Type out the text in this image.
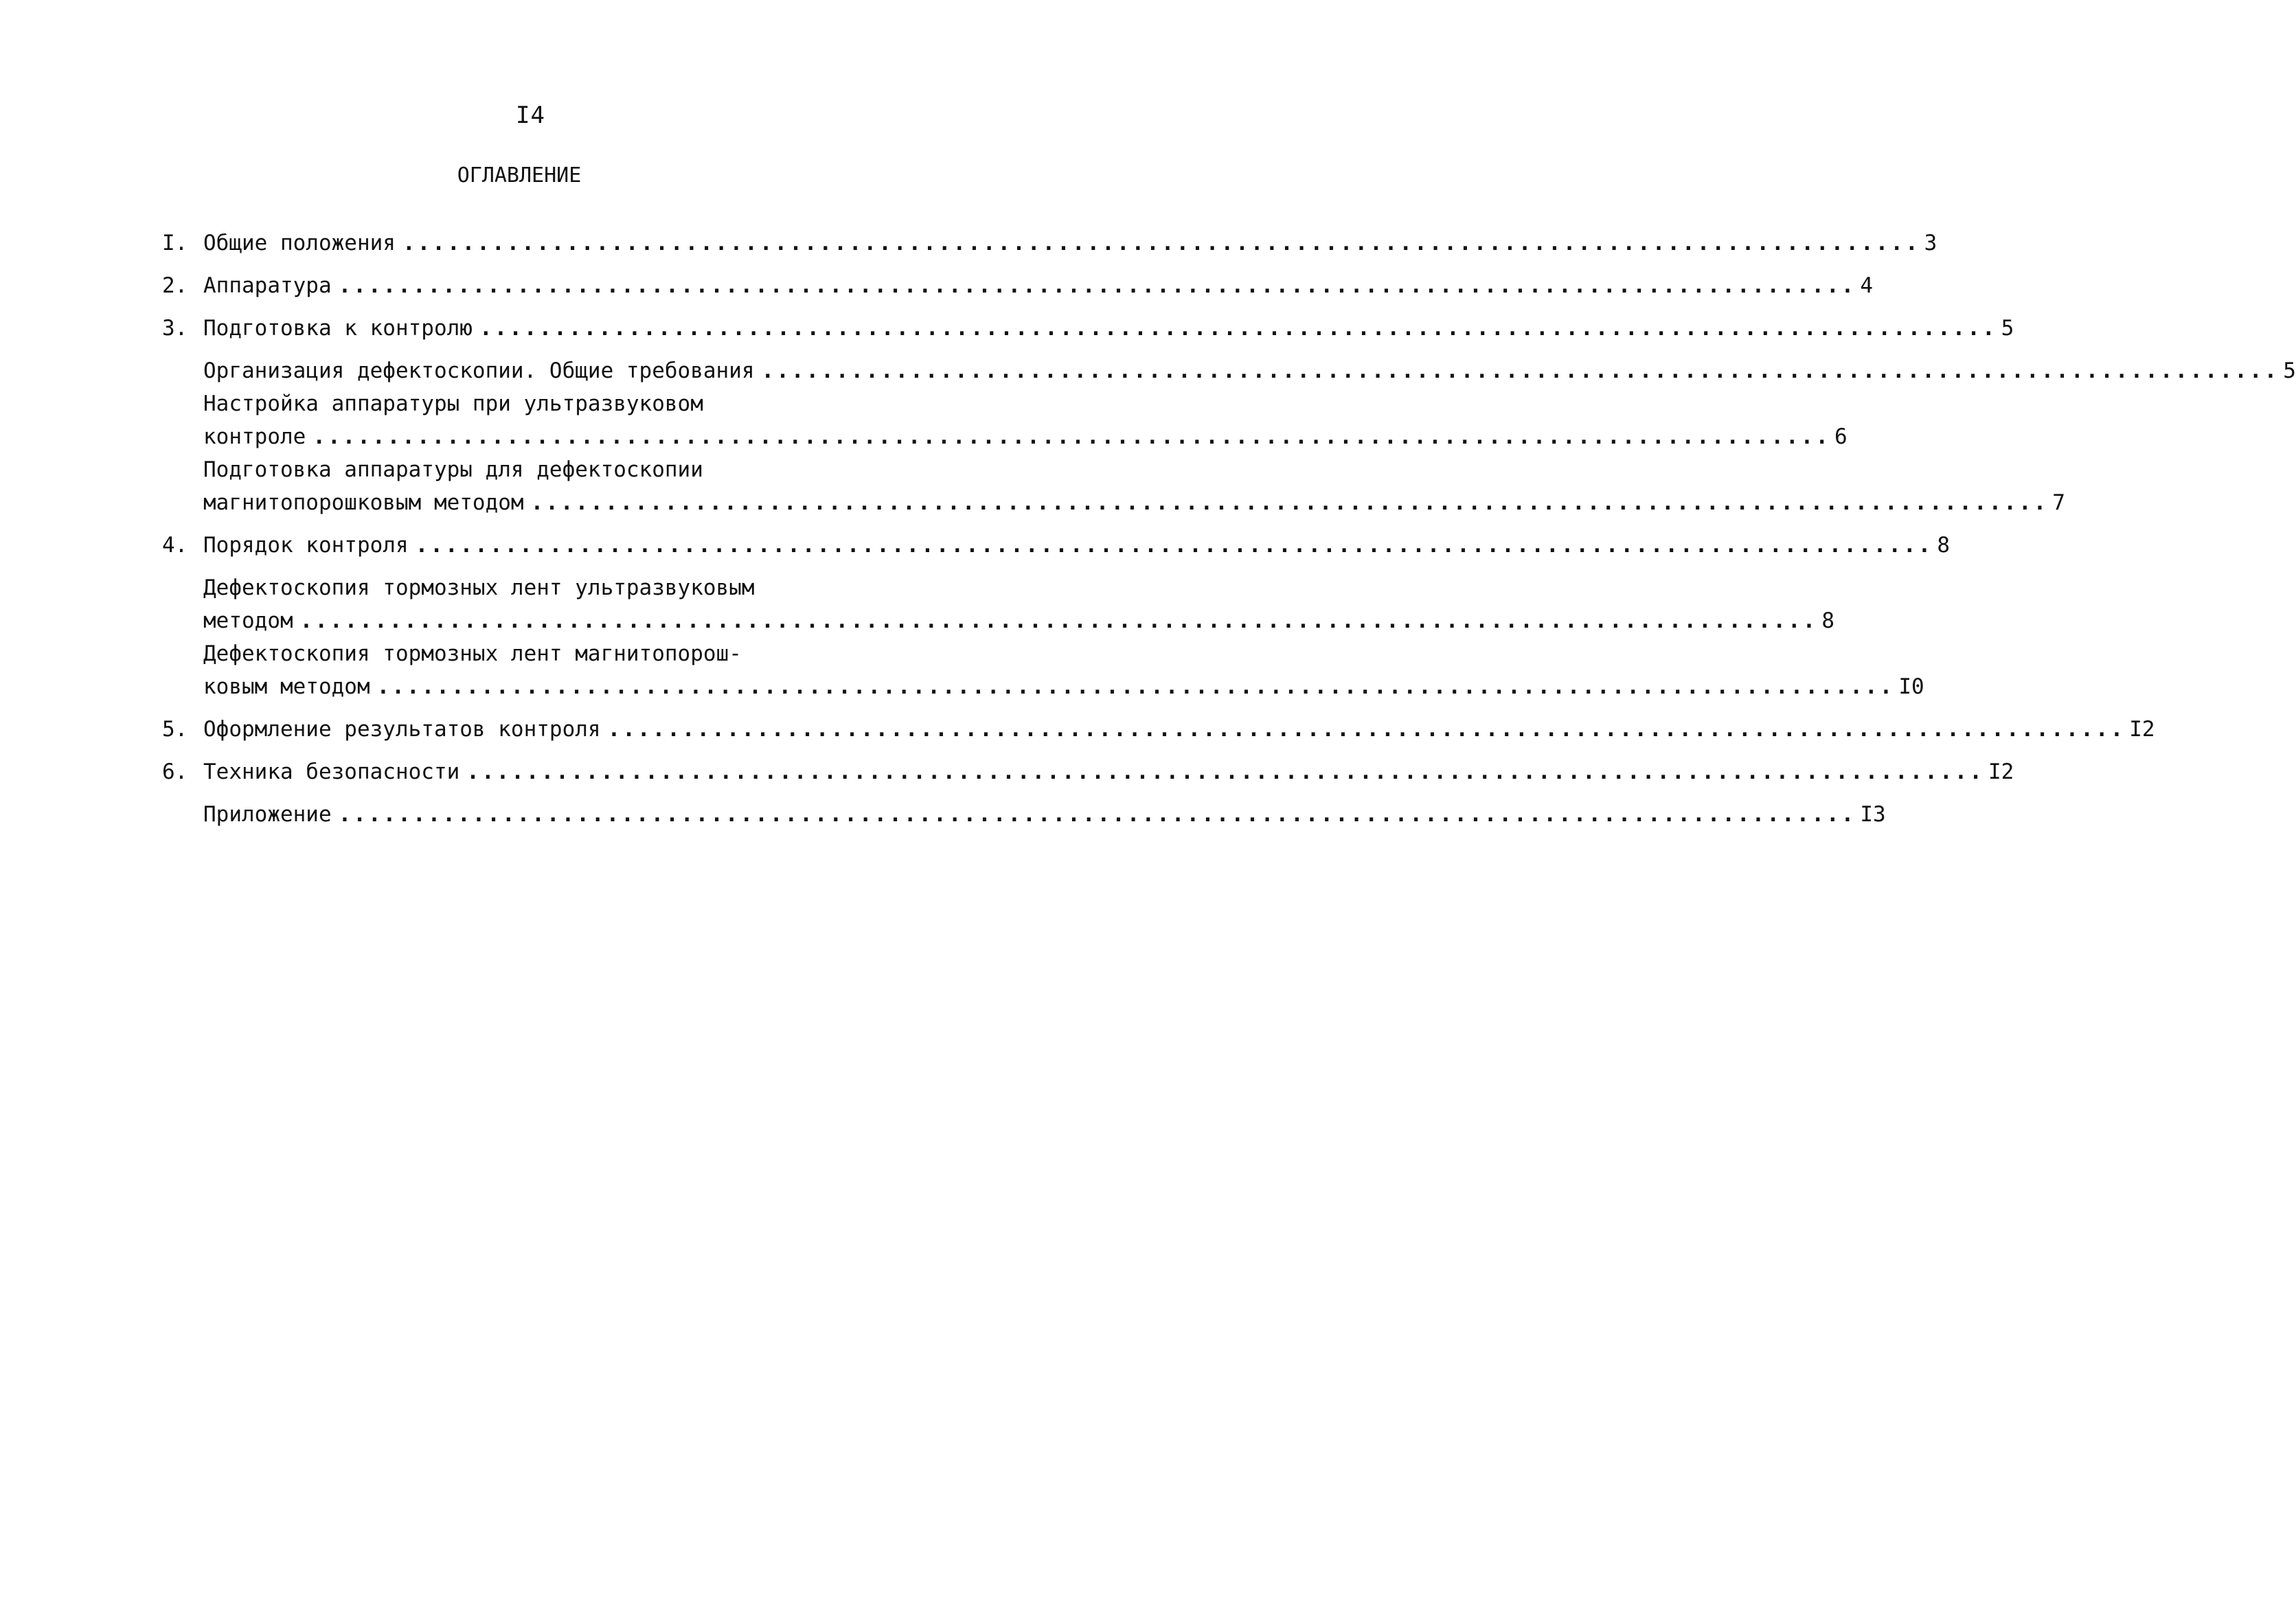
I4
ОГЛАВЛЕНИЕ
I. Общие положения ...................................................................................................... 3
2. Аппаратура ...................................................................................................... 4
3. Подготовка к контролю ...................................................................................................... 5
Организация дефектоскопии. Общие требования ...................................................................................................... 5
Настройка аппаратуры при ультразвуковом
контроле ...................................................................................................... 6
Подготовка аппаратуры для дефектоскопии
магнитопорошковым методом ...................................................................................................... 7
4. Порядок контроля ...................................................................................................... 8
Дефектоскопия тормозных лент ультразвуковым
методом ...................................................................................................... 8
Дефектоскопия тормозных лент магнитопорош-
ковым методом ...................................................................................................... I0
5. Оформление результатов контроля ...................................................................................................... I2
6. Техника безопасности ...................................................................................................... I2
Приложение ...................................................................................................... I3
